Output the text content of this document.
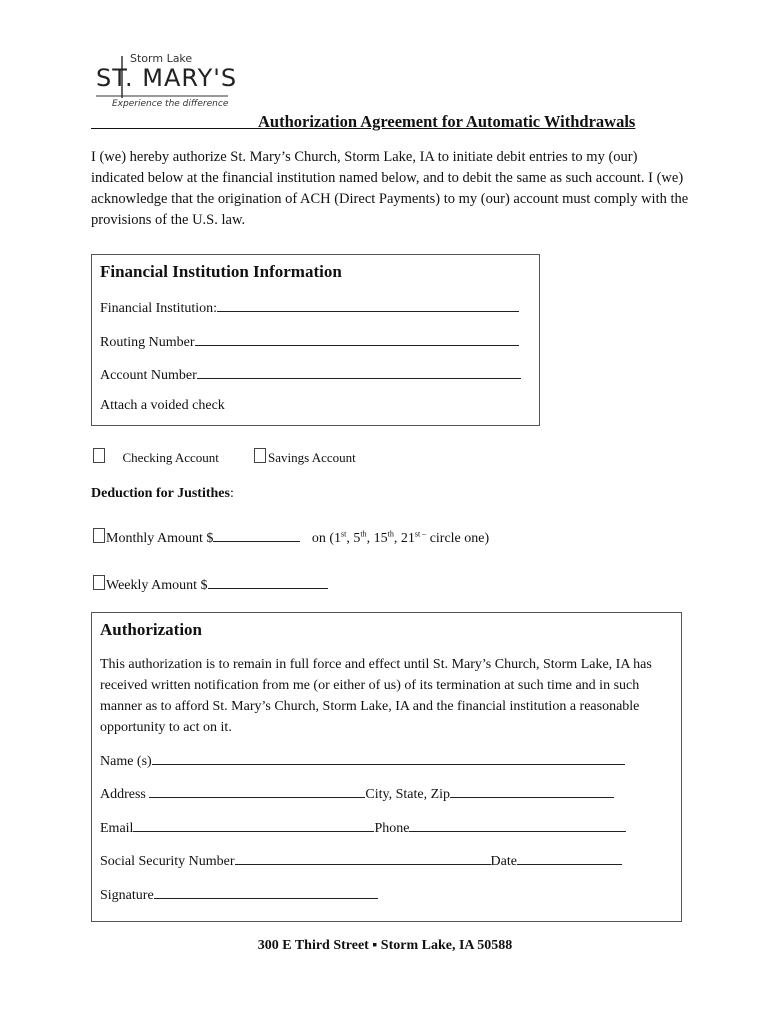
Storm Lake
ST. MARY'S
Experience the difference
Authorization Agreement for Automatic Withdrawals
I (we) hereby authorize St. Mary’s Church, Storm Lake, IA to initiate debit entries to my (our) indicated below at the financial institution named below, and to debit the same as such account. I (we) acknowledge that the origination of ACH (Direct Payments) to my (our) account must comply with the provisions of the U.S. law.
Financial Institution Information
Financial Institution:
Routing Number
Account Number
Attach a voided check
Checking Account	Savings Account
Deduction for Justithes:
Monthly Amount $	on (1st, 5th, 15th, $21^{st -}$ circle one)
Weekly Amount $
Authorization
This authorization is to remain in full force and effect until St. Mary’s Church, Storm Lake, IA has received written notification from me (or either of us) of its termination at such time and in such manner as to afford St. Mary’s Church, Storm Lake, IA and the financial institution a reasonable opportunity to act on it.
Name (s)
Address	City, State, Zip
Email	Phone
Social Security Number	Date
Signature
300 E Third Street ▪ Storm Lake, IA 50588
